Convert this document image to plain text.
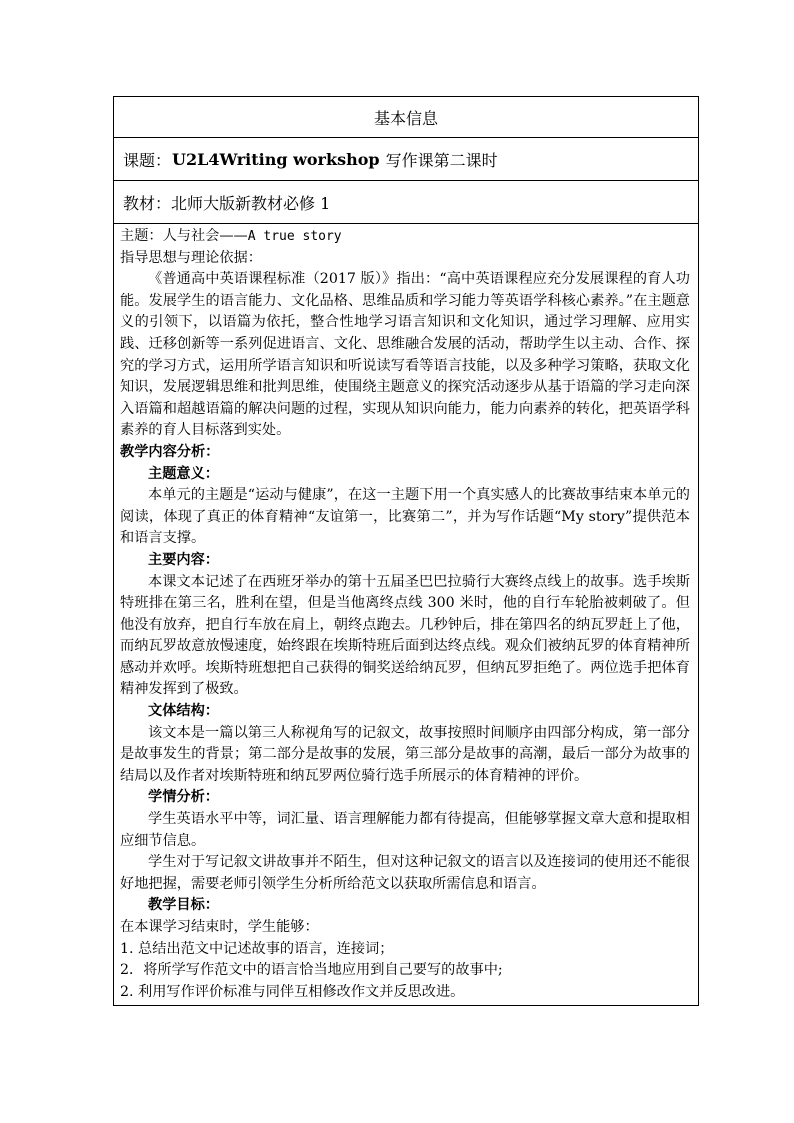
基本信息
课题： U2L4Writing workshop 写作课第二课时
教材： 北师大版新教材必修 1

主题：人与社会——A true story

指导思想与理论依据：

《普通高中英语课程标准（2017 版）》指出：“高中英语课程应充分发展课程的育人功能。发展学生的语言能力、文化品格、思维品质和学习能力等英语学科核心素养。”在主题意义的引领下，以语篇为依托，整合性地学习语言知识和文化知识，通过学习理解、应用实践、迁移创新等一系列促进语言、文化、思维融合发展的活动，帮助学生以主动、合作、探究的学习方式，运用所学语言知识和听说读写看等语言技能，以及多种学习策略，获取文化知识，发展逻辑思维和批判思维，使围绕主题意义的探究活动逐步从基于语篇的学习走向深入语篇和超越语篇的解决问题的过程，实现从知识向能力，能力向素养的转化，把英语学科素养的育人目标落到实处。

教学内容分析：

主题意义：

本单元的主题是“运动与健康”，在这一主题下用一个真实感人的比赛故事结束本单元的阅读，体现了真正的体育精神“友谊第一，比赛第二”，并为写作话题“My story”提供范本和语言支撑。

主要内容：

本课文本记述了在西班牙举办的第十五届圣巴巴拉骑行大赛终点线上的故事。选手埃斯特班排在第三名，胜利在望，但是当他离终点线 300 米时，他的自行车轮胎被刺破了。但他没有放弃，把自行车放在肩上，朝终点跑去。几秒钟后，排在第四名的纳瓦罗赶上了他，而纳瓦罗故意放慢速度，始终跟在埃斯特班后面到达终点线。观众们被纳瓦罗的体育精神所感动并欢呼。埃斯特班想把自己获得的铜奖送给纳瓦罗，但纳瓦罗拒绝了。两位选手把体育精神发挥到了极致。

文体结构：

该文本是一篇以第三人称视角写的记叙文，故事按照时间顺序由四部分构成，第一部分是故事发生的背景；第二部分是故事的发展，第三部分是故事的高潮，最后一部分为故事的结局以及作者对埃斯特班和纳瓦罗两位骑行选手所展示的体育精神的评价。

学情分析：

学生英语水平中等，词汇量、语言理解能力都有待提高，但能够掌握文章大意和提取相应细节信息。

学生对于写记叙文讲故事并不陌生，但对这种记叙文的语言以及连接词的使用还不能很好地把握，需要老师引领学生分析所给范文以获取所需信息和语言。

教学目标：

在本课学习结束时，学生能够：

1. 总结出范文中记述故事的语言，连接词；

2．将所学写作范文中的语言恰当地应用到自己要写的故事中;

2. 利用写作评价标准与同伴互相修改作文并反思改进。
